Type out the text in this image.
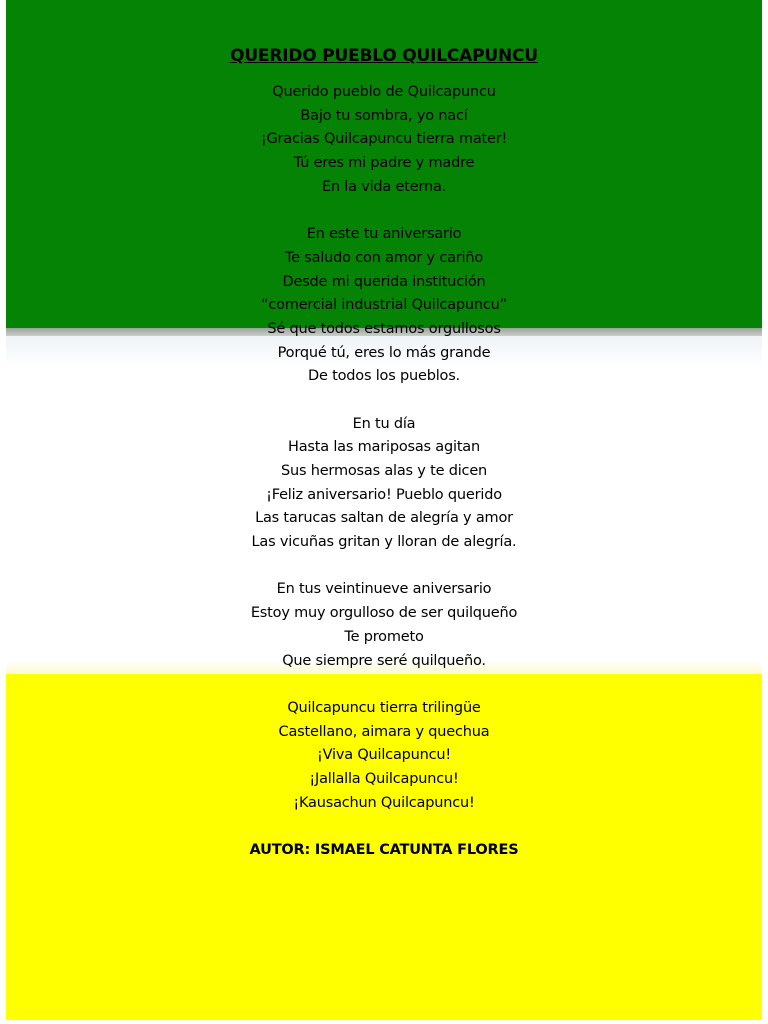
QUERIDO PUEBLO QUILCAPUNCU
Querido pueblo de Quilcapuncu
Bajo tu sombra, yo nací
¡Gracias Quilcapuncu tierra mater!
Tú eres mi padre y madre
En la vida eterna.
En este tu aniversario
Te saludo con amor y cariño
Desde mi querida institución
“comercial industrial Quilcapuncu”
Sé que todos estamos orgullosos
Porqué tú, eres lo más grande
De todos los pueblos.
En tu día
Hasta las mariposas agitan
Sus hermosas alas y te dicen
¡Feliz aniversario! Pueblo querido
Las tarucas saltan de alegría y amor
Las vicuñas gritan y lloran de alegría.
En tus veintinueve aniversario
Estoy muy orgulloso de ser quilqueño
Te prometo
Que siempre seré quilqueño.
Quilcapuncu tierra trilingüe
Castellano, aimara y quechua
¡Viva Quilcapuncu!
¡Jallalla Quilcapuncu!
¡Kausachun Quilcapuncu!
AUTOR: ISMAEL CATUNTA FLORES
